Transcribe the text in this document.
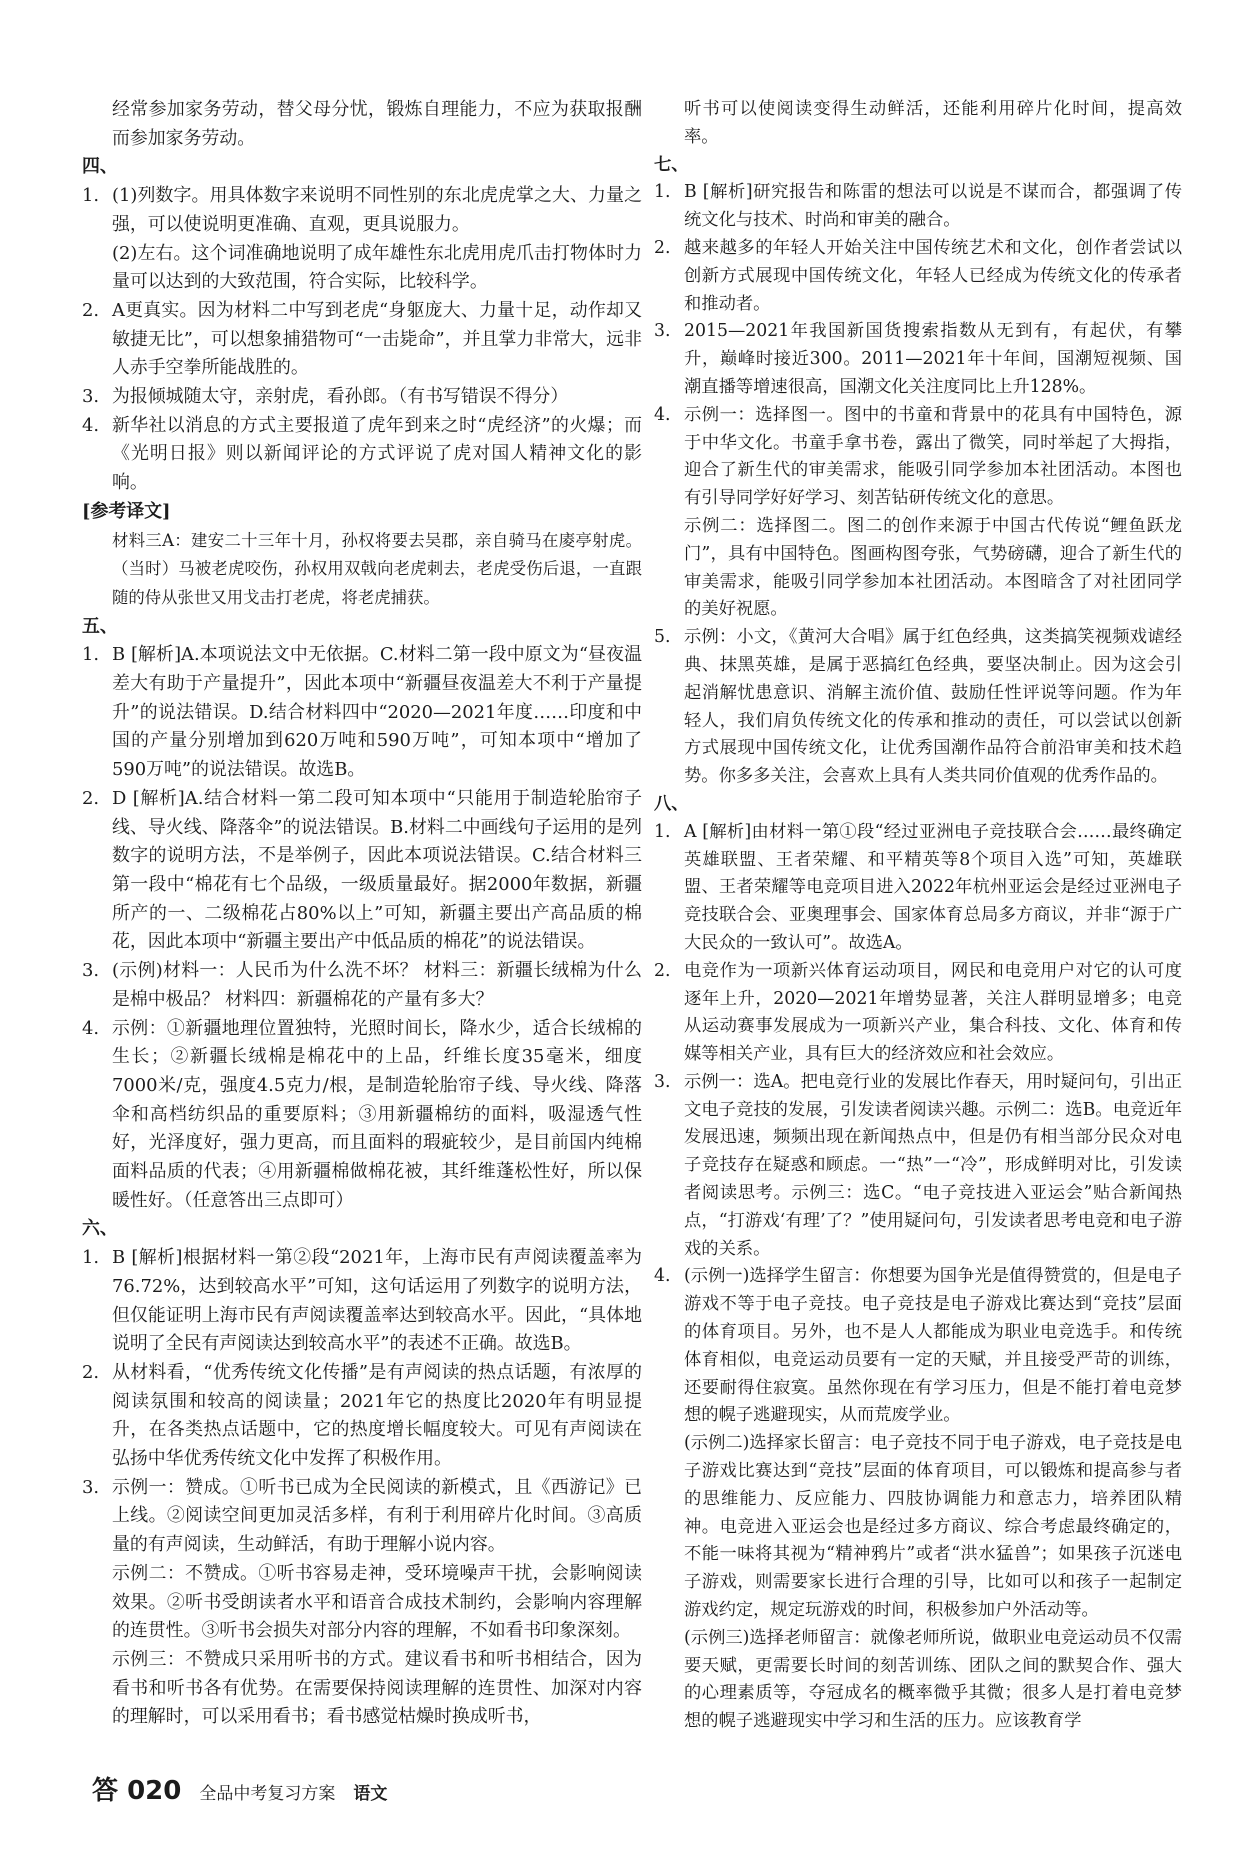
经常参加家务劳动，替父母分忧，锻炼自理能力，不应为获取报酬而参加家务劳动。

四、

1. (1)列数字。用具体数字来说明不同性别的东北虎虎掌之大、力量之强，可以使说明更准确、直观，更具说服力。

(2)左右。这个词准确地说明了成年雄性东北虎用虎爪击打物体时力量可以达到的大致范围，符合实际，比较科学。

2. A更真实。因为材料二中写到老虎“身躯庞大、力量十足，动作却又敏捷无比”，可以想象捕猎物可“一击毙命”，并且掌力非常大，远非人赤手空拳所能战胜的。

3. 为报倾城随太守，亲射虎，看孙郎。（有书写错误不得分）

4. 新华社以消息的方式主要报道了虎年到来之时“虎经济”的火爆；而《光明日报》则以新闻评论的方式评说了虎对国人精神文化的影响。

[参考译文]

材料三A：建安二十三年十月，孙权将要去吴郡，亲自骑马在庱亭射虎。（当时）马被老虎咬伤，孙权用双戟向老虎刺去，老虎受伤后退，一直跟随的侍从张世又用戈击打老虎，将老虎捕获。

五、

1. B [解析]A.本项说法文中无依据。C.材料二第一段中原文为“昼夜温差大有助于产量提升”，因此本项中“新疆昼夜温差大不利于产量提升”的说法错误。D.结合材料四中“2020—2021年度……印度和中国的产量分别增加到620万吨和590万吨”，可知本项中“增加了590万吨”的说法错误。故选B。

2. D [解析]A.结合材料一第二段可知本项中“只能用于制造轮胎帘子线、导火线、降落伞”的说法错误。B.材料二中画线句子运用的是列数字的说明方法，不是举例子，因此本项说法错误。C.结合材料三第一段中“棉花有七个品级，一级质量最好。据2000年数据，新疆所产的一、二级棉花占80%以上”可知，新疆主要出产高品质的棉花，因此本项中“新疆主要出产中低品质的棉花”的说法错误。

3. (示例)材料一：人民币为什么洗不坏？ 材料三：新疆长绒棉为什么是棉中极品？ 材料四：新疆棉花的产量有多大？

4. 示例：①新疆地理位置独特，光照时间长，降水少，适合长绒棉的生长；②新疆长绒棉是棉花中的上品，纤维长度35毫米，细度7000米/克，强度4.5克力/根，是制造轮胎帘子线、导火线、降落伞和高档纺织品的重要原料；③用新疆棉纺的面料，吸湿透气性好，光泽度好，强力更高，而且面料的瑕疵较少，是目前国内纯棉面料品质的代表；④用新疆棉做棉花被，其纤维蓬松性好，所以保暖性好。（任意答出三点即可）

六、

1. B [解析]根据材料一第②段“2021年，上海市民有声阅读覆盖率为76.72%，达到较高水平”可知，这句话运用了列数字的说明方法，但仅能证明上海市民有声阅读覆盖率达到较高水平。因此，“具体地说明了全民有声阅读达到较高水平”的表述不正确。故选B。

2. 从材料看，“优秀传统文化传播”是有声阅读的热点话题，有浓厚的阅读氛围和较高的阅读量；2021年它的热度比2020年有明显提升，在各类热点话题中，它的热度增长幅度较大。可见有声阅读在弘扬中华优秀传统文化中发挥了积极作用。

3. 示例一：赞成。①听书已成为全民阅读的新模式，且《西游记》已上线。②阅读空间更加灵活多样，有利于利用碎片化时间。③高质量的有声阅读，生动鲜活，有助于理解小说内容。

示例二：不赞成。①听书容易走神，受环境噪声干扰，会影响阅读效果。②听书受朗读者水平和语音合成技术制约，会影响内容理解的连贯性。③听书会损失对部分内容的理解，不如看书印象深刻。

示例三：不赞成只采用听书的方式。建议看书和听书相结合，因为看书和听书各有优势。在需要保持阅读理解的连贯性、加深对内容的理解时，可以采用看书；看书感觉枯燥时换成听书，

听书可以使阅读变得生动鲜活，还能利用碎片化时间，提高效率。

七、

1. B [解析]研究报告和陈雷的想法可以说是不谋而合，都强调了传统文化与技术、时尚和审美的融合。

2. 越来越多的年轻人开始关注中国传统艺术和文化，创作者尝试以创新方式展现中国传统文化，年轻人已经成为传统文化的传承者和推动者。

3. 2015—2021年我国新国货搜索指数从无到有，有起伏，有攀升，巅峰时接近300。2011—2021年十年间，国潮短视频、国潮直播等增速很高，国潮文化关注度同比上升128%。

4. 示例一：选择图一。图中的书童和背景中的花具有中国特色，源于中华文化。书童手拿书卷，露出了微笑，同时举起了大拇指，迎合了新生代的审美需求，能吸引同学参加本社团活动。本图也有引导同学好好学习、刻苦钻研传统文化的意思。

示例二：选择图二。图二的创作来源于中国古代传说“鲤鱼跃龙门”，具有中国特色。图画构图夸张，气势磅礴，迎合了新生代的审美需求，能吸引同学参加本社团活动。本图暗含了对社团同学的美好祝愿。

5. 示例：小文，《黄河大合唱》属于红色经典，这类搞笑视频戏谑经典、抹黑英雄，是属于恶搞红色经典，要坚决制止。因为这会引起消解忧患意识、消解主流价值、鼓励任性评说等问题。作为年轻人，我们肩负传统文化的传承和推动的责任，可以尝试以创新方式展现中国传统文化，让优秀国潮作品符合前沿审美和技术趋势。你多多关注，会喜欢上具有人类共同价值观的优秀作品的。

八、

1. A [解析]由材料一第①段“经过亚洲电子竞技联合会……最终确定英雄联盟、王者荣耀、和平精英等8个项目入选”可知，英雄联盟、王者荣耀等电竞项目进入2022年杭州亚运会是经过亚洲电子竞技联合会、亚奥理事会、国家体育总局多方商议，并非“源于广大民众的一致认可”。故选A。

2. 电竞作为一项新兴体育运动项目，网民和电竞用户对它的认可度逐年上升，2020—2021年增势显著，关注人群明显增多；电竞从运动赛事发展成为一项新兴产业，集合科技、文化、体育和传媒等相关产业，具有巨大的经济效应和社会效应。

3. 示例一：选A。把电竞行业的发展比作春天，用时疑问句，引出正文电子竞技的发展，引发读者阅读兴趣。示例二：选B。电竞近年发展迅速，频频出现在新闻热点中，但是仍有相当部分民众对电子竞技存在疑惑和顾虑。一“热”一“冷”，形成鲜明对比，引发读者阅读思考。示例三：选C。“电子竞技进入亚运会”贴合新闻热点，“打游戏‘有理’了？”使用疑问句，引发读者思考电竞和电子游戏的关系。

4. (示例一)选择学生留言：你想要为国争光是值得赞赏的，但是电子游戏不等于电子竞技。电子竞技是电子游戏比赛达到“竞技”层面的体育项目。另外，也不是人人都能成为职业电竞选手。和传统体育相似，电竞运动员要有一定的天赋，并且接受严苛的训练，还要耐得住寂寞。虽然你现在有学习压力，但是不能打着电竞梦想的幌子逃避现实，从而荒废学业。

(示例二)选择家长留言：电子竞技不同于电子游戏，电子竞技是电子游戏比赛达到“竞技”层面的体育项目，可以锻炼和提高参与者的思维能力、反应能力、四肢协调能力和意志力，培养团队精神。电竞进入亚运会也是经过多方商议、综合考虑最终确定的，不能一味将其视为“精神鸦片”或者“洪水猛兽”；如果孩子沉迷电子游戏，则需要家长进行合理的引导，比如可以和孩子一起制定游戏约定，规定玩游戏的时间，积极参加户外活动等。

(示例三)选择老师留言：就像老师所说，做职业电竞运动员不仅需要天赋，更需要长时间的刻苦训练、团队之间的默契合作、强大的心理素质等，夺冠成名的概率微乎其微；很多人是打着电竞梦想的幌子逃避现实中学习和生活的压力。应该教育学

答 020 全品中考复习方案 语文
